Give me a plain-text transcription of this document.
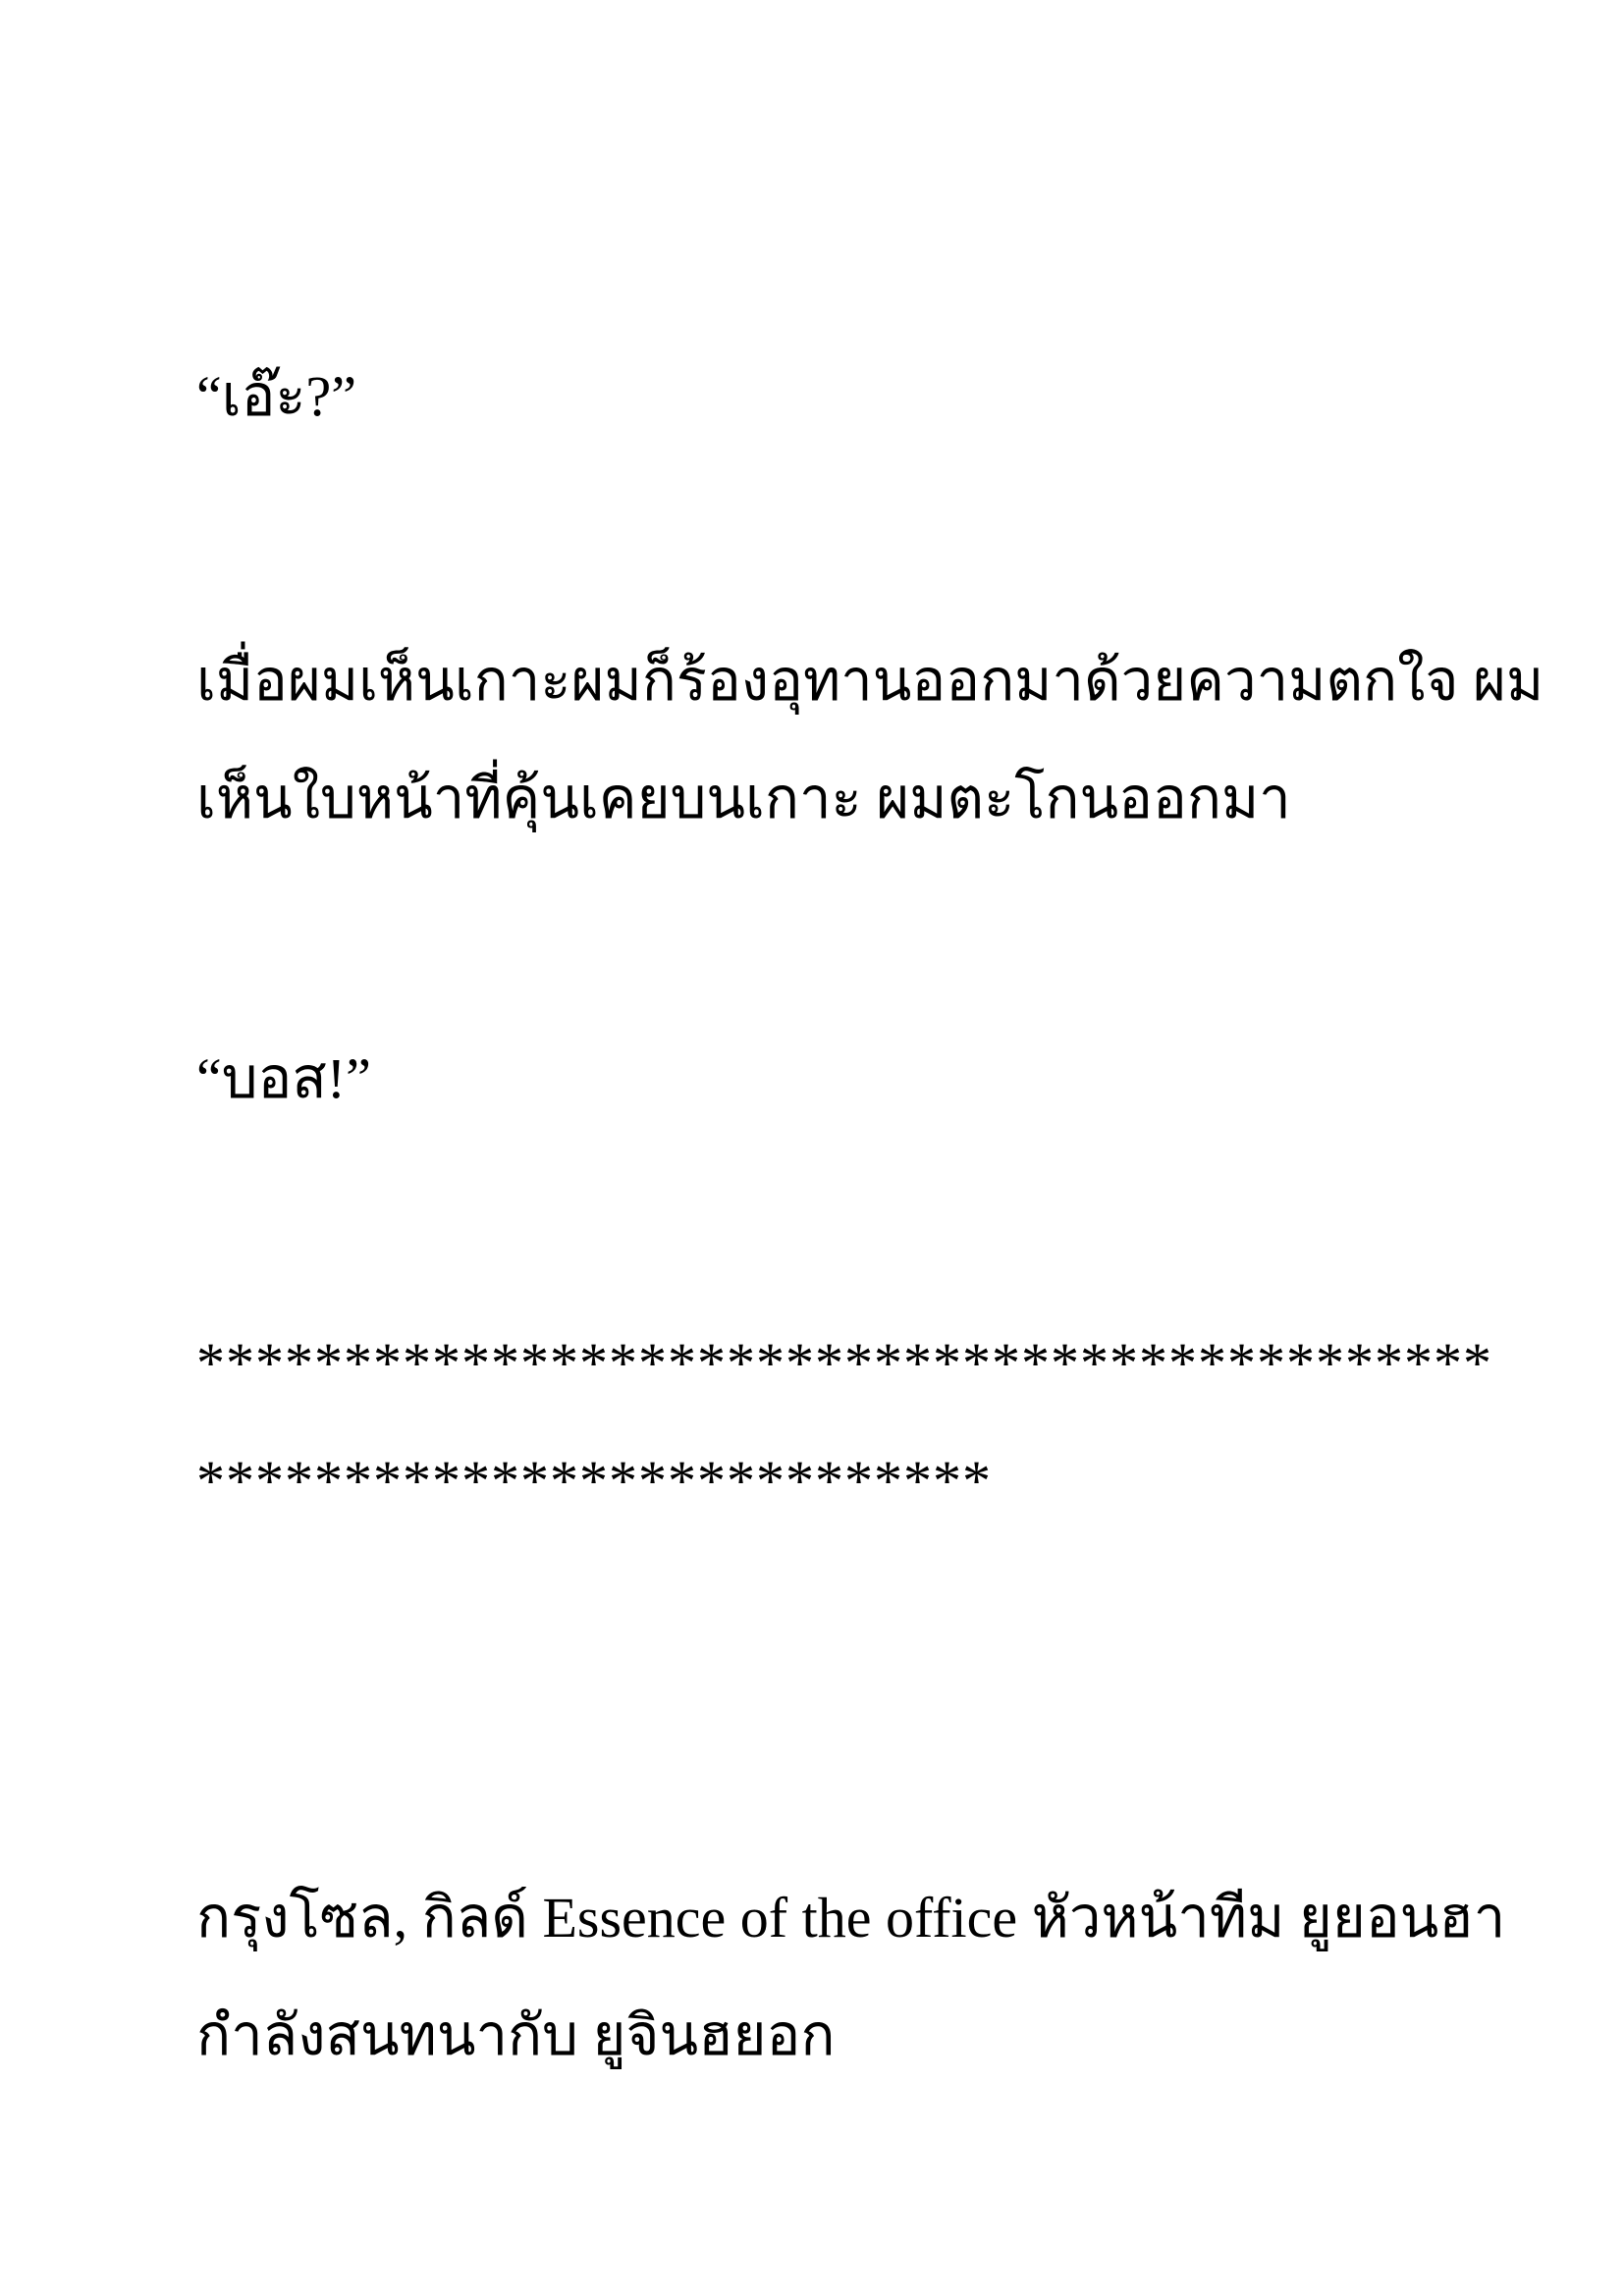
“เอ๊ะ?”
เมื่อผมเห็นเกาะผมก็ร้องอุทานออกมาด้วยความตกใจ ผม
เห็นใบหน้าที่คุ้นเคยบนเกาะ ผมตะโกนออกมา
“บอส!”
********************************************
***************************
กรุงโซล, กิลด์ Essence of the office หัวหน้าทีม ยูยอนฮา
กำลังสนทนากับ ยูจินฮยอก
